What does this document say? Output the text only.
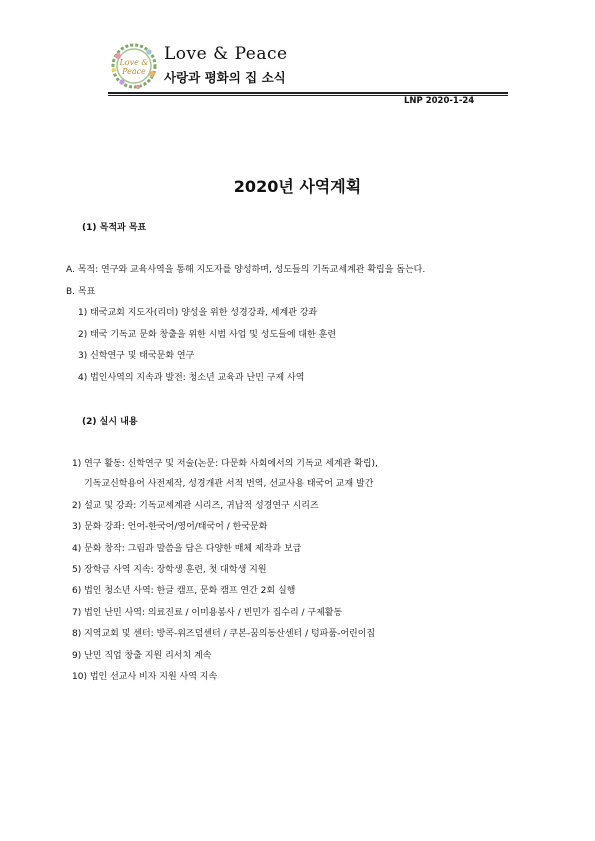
Love &
Peace
Love & Peace
사랑과 평화의 집 소식
LNP 2020-1-24
2020년 사역계획
(1) 목적과 목표
A. 목적: 연구와 교육사역을 통해 지도자를 양성하며, 성도들의 기독교세계관 확립을 돕는다.
B. 목표
1) 태국교회 지도자(리더) 양성을 위한 성경강좌, 세계관 강좌
2) 태국 기독교 문화 창출을 위한 시범 사업 및 성도들에 대한 훈련
3) 신학연구 및 태국문화 연구
4) 법인사역의 지속과 발전: 청소년 교육과 난민 구제 사역
(2) 실시 내용
1) 연구 활동: 신학연구 및 저술(논문: 다문화 사회에서의 기독교 세계관 확립),
기독교신학용어 사전제작, 성경개관 서적 번역, 선교사용 태국어 교재 발간
2) 설교 및 강좌: 기독교세계관 시리즈, 귀납적 성경연구 시리즈
3) 문화 강좌: 언어-한국어/영어/태국어 / 한국문화
4) 문화 창작: 그림과 말씀을 담은 다양한 매체 제작과 보급
5) 장학금 사역 지속: 장학생 훈련, 첫 대학생 지원
6) 법인 청소년 사역: 한글 캠프, 문화 캠프 연간 2회 실행
7) 법인 난민 사역: 의료진료 / 이미용봉사 / 빈민가 집수리 / 구제활동
8) 지역교회 및 센터: 방콕-위즈덤센터 / 쿠본-꿈의동산센터 / 텅파품-어린이집
9) 난민 직업 창출 지원 리서치 계속
10) 법인 선교사 비자 지원 사역 지속
